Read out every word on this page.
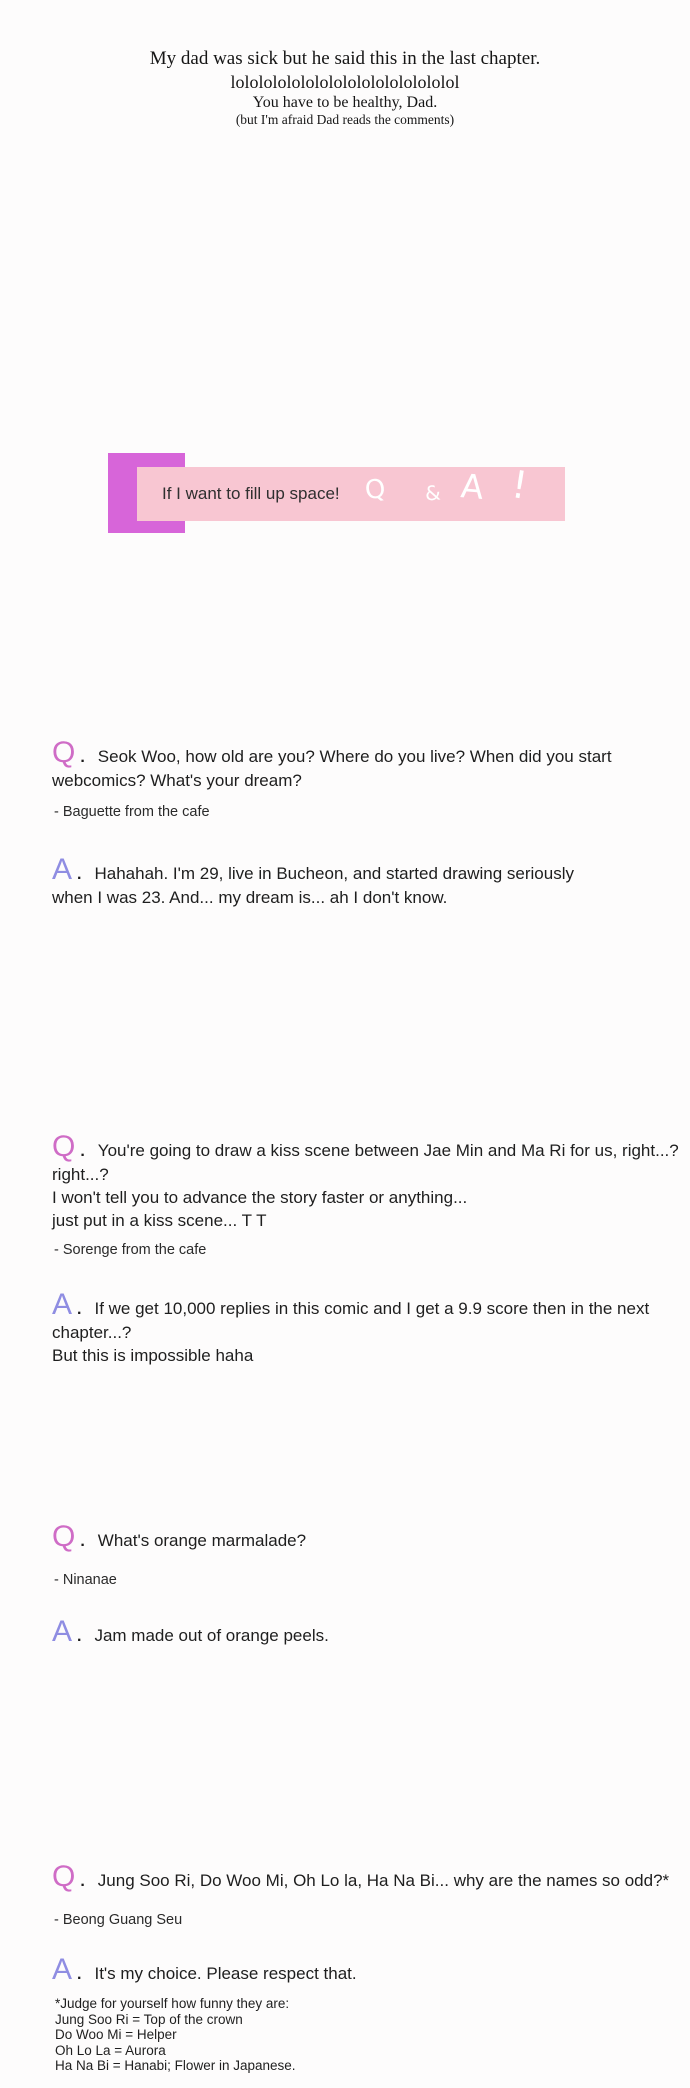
My dad was sick but he said this in the last chapter.
lolololololololololololololololol
You have to be healthy, Dad.
(but I'm afraid Dad reads the comments)
If I want to fill up space! Q & A !
Q . Seok Woo, how old are you? Where do you live? When did you start
webcomics? What's your dream?
- Baguette from the cafe
A . Hahahah. I'm 29, live in Bucheon, and started drawing seriously
when I was 23. And... my dream is... ah I don't know.
Q . You're going to draw a kiss scene between Jae Min and Ma Ri for us, right...?
right...?
I won't tell you to advance the story faster or anything...
just put in a kiss scene... T T
- Sorenge from the cafe
A . If we get 10,000 replies in this comic and I get a 9.9 score then in the next
chapter...?
But this is impossible haha
Q . What's orange marmalade?
- Ninanae
A . Jam made out of orange peels.
Q . Jung Soo Ri, Do Woo Mi, Oh Lo la, Ha Na Bi... why are the names so odd?*
- Beong Guang Seu
A . It's my choice. Please respect that.
*Judge for yourself how funny they are:
Jung Soo Ri = Top of the crown
Do Woo Mi = Helper
Oh Lo La = Aurora
Ha Na Bi = Hanabi; Flower in Japanese.
